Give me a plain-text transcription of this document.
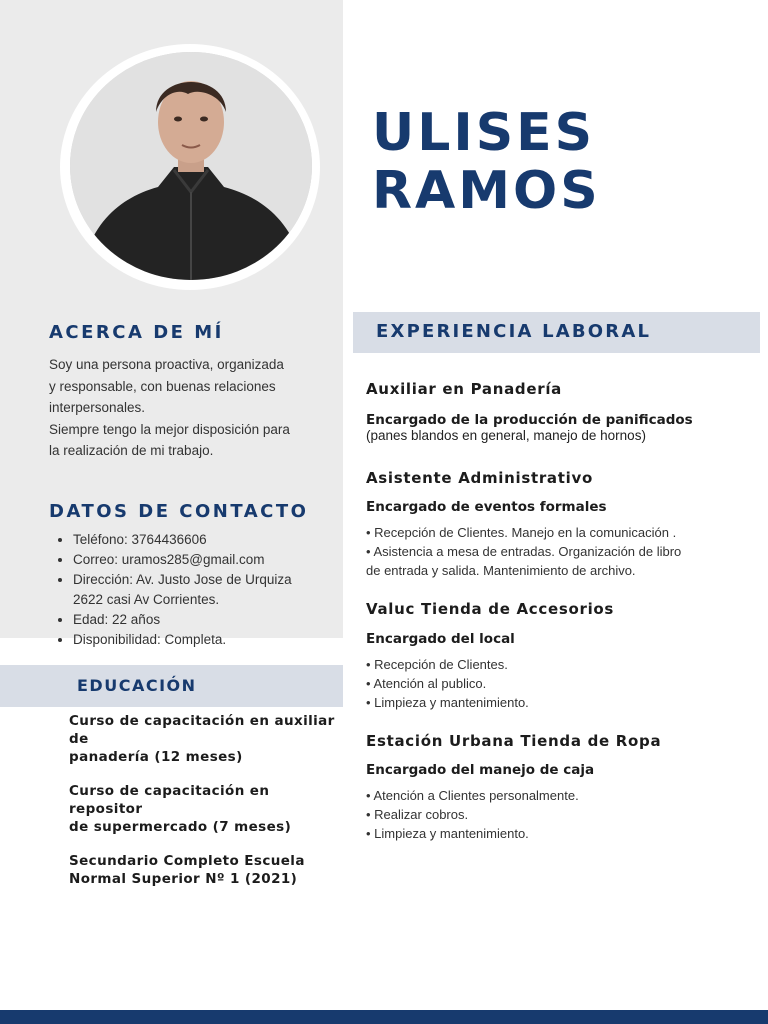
ULISES
RAMOS
ACERCA DE MÍ

Soy una persona proactiva, organizada
y responsable, con buenas relaciones
interpersonales.
Siempre tengo la mejor disposición para
la realización de mi trabajo.

DATOS DE CONTACTO
• Teléfono: 3764436606
• Correo: uramos285@gmail.com
• Dirección: Av. Justo Jose de Urquiza
2622 casi Av Corrientes.
• Edad: 22 años
• Disponibilidad: Completa.
EDUCACIÓN

Curso de capacitación en auxiliar de
panadería (12 meses)

Curso de capacitación en repositor
de supermercado (7 meses)

Secundario Completo Escuela
Normal Superior Nº 1 (2021)

EXPERIENCIA LABORAL

Auxiliar en Panadería

Encargado de la producción de panificados

(panes blandos en general, manejo de hornos)

Asistente Administrativo

Encargado de eventos formales

• Recepción de Clientes. Manejo en la comunicación .
• Asistencia a mesa de entradas. Organización de libro
de entrada y salida. Mantenimiento de archivo.

Valuc Tienda de Accesorios

Encargado del local

• Recepción de Clientes.
• Atención al publico.
• Limpieza y mantenimiento.

Estación Urbana Tienda de Ropa

Encargado del manejo de caja

• Atención a Clientes personalmente.
• Realizar cobros.
• Limpieza y mantenimiento.
